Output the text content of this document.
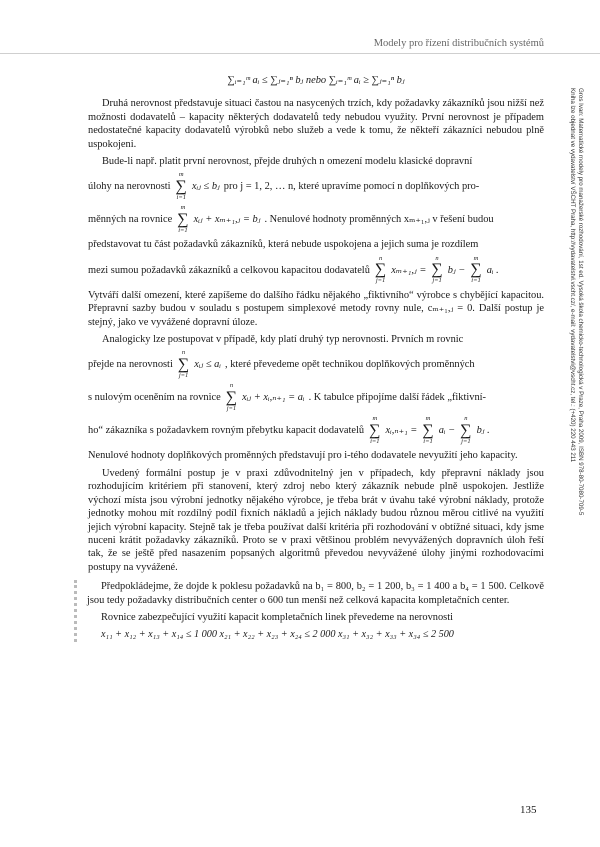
Modely pro řízení distribučních systémů
Gros Ivan: Matematické modely pro manažerské rozhodování, 1st ed. Vysoká škola chemicko-technologická v Praze, Praha 2009, ISBN 978-80-7080-709-5
Kniha lze objednat ve vydavatelství VŠCHT Praha, http://vydavatelstvi.vscht.cz/, e-mail: vydavatelstvi@vscht.cz, tel.: (+420) 220 443 211
∑ᵢ₌₁ᵐ aᵢ ≤ ∑ⱼ₌₁ⁿ bⱼ nebo ∑ᵢ₌₁ᵐ aᵢ ≥ ∑ⱼ₌₁ⁿ bⱼ

Druhá nerovnost představuje situaci častou na nasycených trzích, kdy požadavky zákazníků jsou nižší než možnosti dodavatelů – kapacity některých dodavatelů tedy nebudou využity. První nerovnost je případem nedostatečné kapacity dodavatelů výrobků nebo služeb a vede k tomu, že někteří zákazníci nebudou plně uspokojeni.

Bude-li např. platit první nerovnost, přejde druhých n omezení modelu klasické dopravní

úlohy na nerovnosti
m
∑
i=1
xᵢⱼ ≤ bⱼ pro j = 1, 2, … n, které upravíme pomocí n doplňkových pro-
měnných na rovnice
m
∑
i=1
xᵢⱼ + xₘ₊₁,ⱼ = bⱼ . Nenulové hodnoty proměnných xₘ₊₁,ⱼ v řešení budou

představovat tu část požadavků zákazníků, která nebude uspokojena a jejich suma je rozdílem

mezi sumou požadavků zákazníků a celkovou kapacitou dodavatelů
n
∑
j=1
xₘ₊₁,ⱼ =
n
∑
j=1
bⱼ −
m
∑
i=1
aᵢ .

Vytváří další omezení, které zapíšeme do dalšího řádku nějakého „fiktivního“ výrobce s chybějící kapacitou. Přepravní sazby budou v souladu s postupem simplexové metody rovny nule, cₘ₊₁,ⱼ = 0. Další postup je stejný, jako ve vyvážené dopravní úloze.

Analogicky lze postupovat v případě, kdy platí druhý typ nerovnosti. Prvních m rovnic

přejde na nerovnosti
n
∑
j=1
xᵢⱼ ≤ aᵢ , které převedeme opět technikou doplňkových proměnných
s nulovým oceněním na rovnice
n
∑
j=1
xᵢⱼ + xᵢ,ₙ₊₁ = aᵢ . K tabulce připojíme další řádek „fiktivní-
ho“ zákazníka s požadavkem rovným přebytku kapacit dodavatelů
m
∑
i=1
xᵢ,ₙ₊₁ =
m
∑
i=1
aᵢ −
n
∑
j=1
bⱼ .

Nenulové hodnoty doplňkových proměnných představují pro i-tého dodavatele nevyužití jeho kapacity.

Uvedený formální postup je v praxi zdůvodnitelný jen v případech, kdy přepravní náklady jsou rozhodujícím kritériem při stanovení, který zdroj nebo který zákazník nebude plně uspokojen. Jestliže výchozí místa jsou výrobní jednotky nějakého výrobce, je třeba brát v úvahu také výrobní náklady, protože jednotky mohou mít rozdílný podíl fixních nákladů a jejich náklady budou různou měrou citlivé na využití jejich výrobní kapacity. Stejně tak je třeba používat další kritéria při rozhodování v obtížné situaci, kdy jsme nuceni krátit požadavky zákazníků. Proto se v praxi většinou problém nevyvážených dopravních úloh řeší tak, že se ještě před nasazením popsaných algoritmů převedou nevyvážené úlohy jinými rozhodovacími postupy na vyvážené.

Předpokládejme, že dojde k poklesu požadavků na b₁ = 800, b₂ = 1 200, b₃ = 1 400 a b₄ = 1 500. Celkově jsou tedy požadavky distribučních center o 600 tun menší než celková kapacita kompletačních center.

Rovnice zabezpečující využití kapacit kompletačních linek převedeme na nerovnosti

x₁₁ + x₁₂ + x₁₃ + x₁₄ ≤ 1 000 x₂₁ + x₂₂ + x₂₃ + x₂₄ ≤ 2 000 x₃₁ + x₃₂ + x₃₃ + x₃₄ ≤ 2 500

135
